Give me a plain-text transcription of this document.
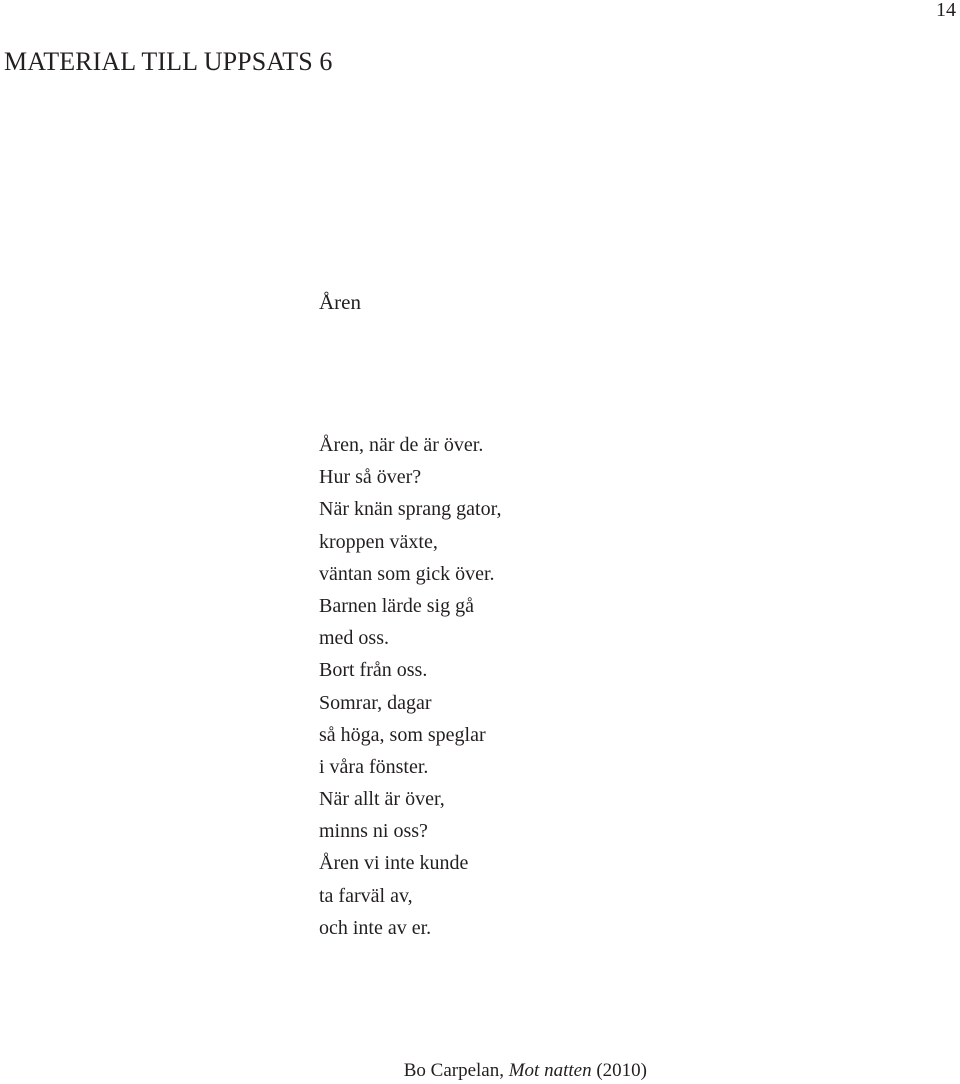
14
MATERIAL TILL UPPSATS 6
Åren
Åren, när de är över.
Hur så över?
När knän sprang gator,
kroppen växte,
väntan som gick över.
Barnen lärde sig gå
med oss.
Bort från oss.
Somrar, dagar
så höga, som speglar
i våra fönster.
När allt är över,
minns ni oss?
Åren vi inte kunde
ta farväl av,
och inte av er.
Bo Carpelan, Mot natten (2010)
